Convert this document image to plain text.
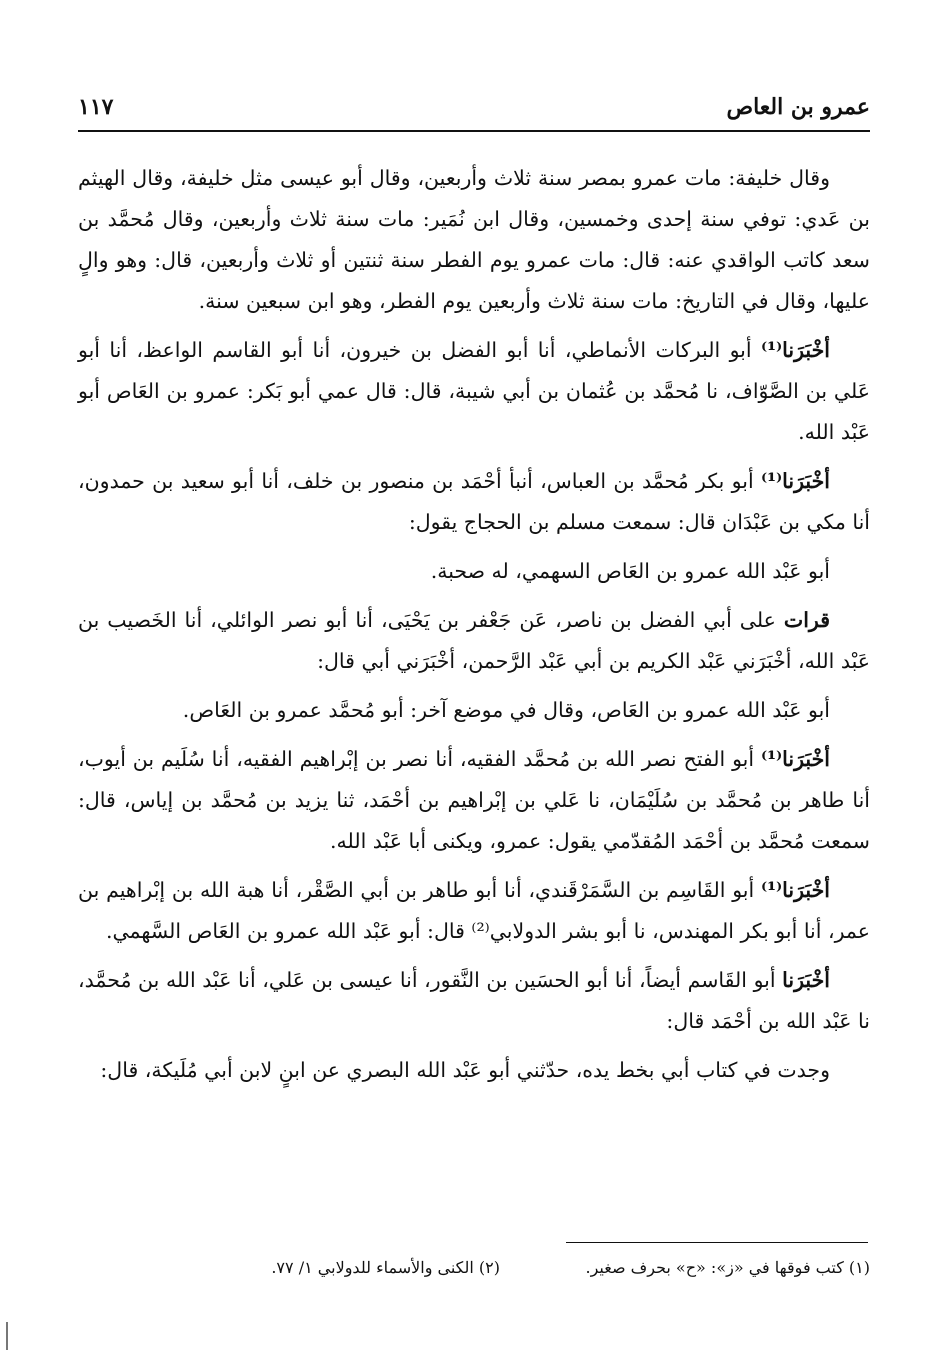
عمرو بن العاص
١١٧

وقال خليفة: مات عمرو بمصر سنة ثلاث وأربعين، وقال أبو عيسى مثل خليفة، وقال الهيثم بن عَدي: توفي سنة إحدى وخمسين، وقال ابن نُمَير: مات سنة ثلاث وأربعين، وقال مُحمَّد بن سعد كاتب الواقدي عنه: قال: مات عمرو يوم الفطر سنة ثنتين أو ثلاث وأربعين، قال: وهو والٍ عليها، وقال في التاريخ: مات سنة ثلاث وأربعين يوم الفطر، وهو ابن سبعين سنة.

أخْبَرَنا⁽¹⁾ أبو البركات الأنماطي، أنا أبو الفضل بن خيرون، أنا أبو القاسم الواعظ، أنا أبو عَلي بن الصَّوّاف، نا مُحمَّد بن عُثمان بن أبي شيبة، قال: قال عمي أبو بَكر: عمرو بن العَاص أبو عَبْد الله.

أخْبَرَنا⁽¹⁾ أبو بكر مُحمَّد بن العباس، أنبأ أحْمَد بن منصور بن خلف، أنا أبو سعيد بن حمدون، أنا مكي بن عَبْدَان قال: سمعت مسلم بن الحجاج يقول:

أبو عَبْد الله عمرو بن العَاص السهمي، له صحبة.

قرات على أبي الفضل بن ناصر، عَن جَعْفر بن يَحْيَى، أنا أبو نصر الوائلي، أنا الخَصيب بن عَبْد الله، أخْبَرَني عَبْد الكريم بن أبي عَبْد الرَّحمن، أخْبَرَني أبي قال:

أبو عَبْد الله عمرو بن العَاص، وقال في موضع آخر: أبو مُحمَّد عمرو بن العَاص.

أخْبَرَنا⁽¹⁾ أبو الفتح نصر الله بن مُحمَّد الفقيه، أنا نصر بن إبْراهيم الفقيه، أنا سُلَيم بن أيوب، أنا طاهر بن مُحمَّد بن سُلَيْمَان، نا عَلي بن إبْراهيم بن أحْمَد، ثنا يزيد بن مُحمَّد بن إياس، قال: سمعت مُحمَّد بن أحْمَد المُقدّمي يقول: عمرو، ويكنى أبا عَبْد الله.

أخْبَرَنا⁽¹⁾ أبو القَاسِم بن السَّمَرْقَندي، أنا أبو طاهر بن أبي الصَّقْر، أنا هبة الله بن إبْراهيم بن عمر، أنا أبو بكر المهندس، نا أبو بشر الدولابي⁽²⁾ قال: أبو عَبْد الله عمرو بن العَاص السَّهمي.

أخْبَرَنا أبو القَاسم أيضاً، أنا أبو الحسَين بن النَّقور، أنا عيسى بن عَلي، أنا عَبْد الله بن مُحمَّد، نا عَبْد الله بن أحْمَد قال:

وجدت في كتاب أبي بخط يده، حدّثني أبو عَبْد الله البصري عن ابنٍ لابن أبي مُلَيكة، قال:

(١) كتب فوقها في «ز»: «ح» بحرف صغير.
(٢) الكنى والأسماء للدولابي ١/ ٧٧.
